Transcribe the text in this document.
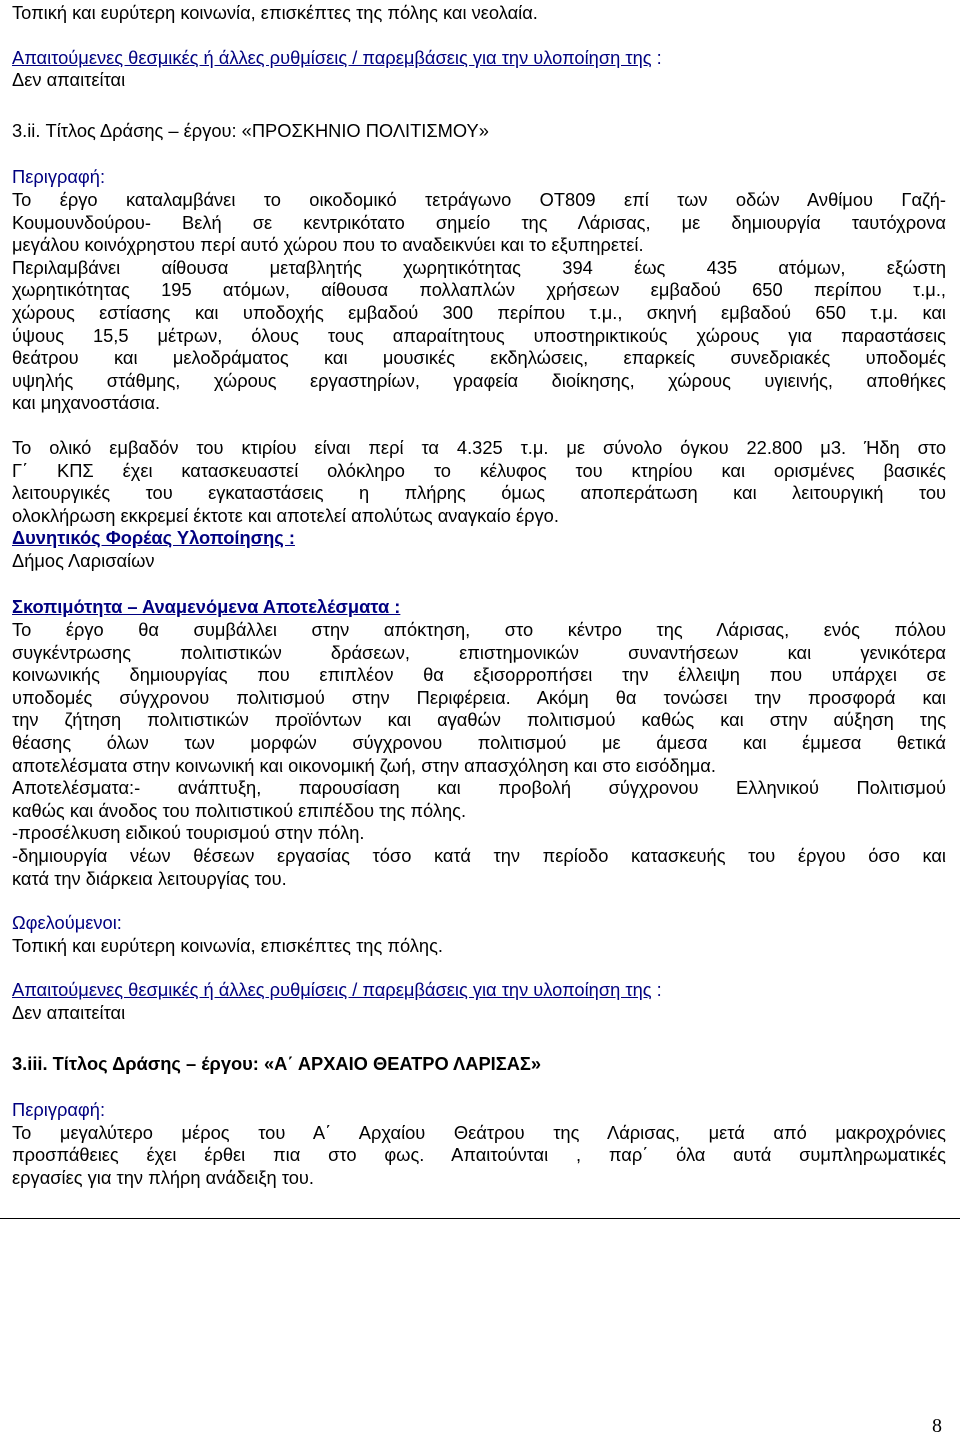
Τοπική και ευρύτερη κοινωνία, επισκέπτες της πόλης και νεολαία.

Απαιτούμενες θεσμικές ή άλλες ρυθμίσεις / παρεμβάσεις για την υλοποίηση της :

Δεν απαιτείται

3.ii. Τίτλος Δράσης – έργου: «ΠΡΟΣΚΗΝΙΟ ΠΟΛΙΤΙΣΜΟΥ»

Περιγραφή:

Το έργο καταλαμβάνει το οικοδομικό τετράγωνο ΟΤ809 επί των οδών Ανθίμου Γαζή-

Κουμουνδούρου- Βελή σε κεντρικότατο σημείο της Λάρισας, με δημιουργία ταυτόχρονα

μεγάλου κοινόχρηστου περί αυτό χώρου που το αναδεικνύει και το εξυπηρετεί.

Περιλαμβάνει αίθουσα μεταβλητής χωρητικότητας 394 έως 435 ατόμων, εξώστη

χωρητικότητας 195 ατόμων, αίθουσα πολλαπλών χρήσεων εμβαδού 650 περίπου τ.μ.,

χώρους εστίασης και υποδοχής εμβαδού 300 περίπου τ.μ., σκηνή εμβαδού 650 τ.μ. και

ύψους 15,5 μέτρων, όλους τους απαραίτητους υποστηρικτικούς χώρους για παραστάσεις

θεάτρου και μελοδράματος και μουσικές εκδηλώσεις, επαρκείς συνεδριακές υποδομές

υψηλής στάθμης, χώρους εργαστηρίων, γραφεία διοίκησης, χώρους υγιεινής, αποθήκες

και μηχανοστάσια.

Το ολικό εμβαδόν του κτιρίου είναι περί τα 4.325 τ.μ. με σύνολο όγκου 22.800 μ3. Ήδη στο

Γ΄ ΚΠΣ έχει κατασκευαστεί ολόκληρο το κέλυφος του κτηρίου και ορισμένες βασικές

λειτουργικές του εγκαταστάσεις η πλήρης όμως αποπεράτωση και λειτουργική του

ολοκλήρωση εκκρεμεί έκτοτε και αποτελεί απολύτως αναγκαίο έργο.

Δυνητικός Φορέας Υλοποίησης :

Δήμος Λαρισαίων

Σκοπιμότητα – Αναμενόμενα Αποτελέσματα :

Το έργο θα συμβάλλει στην απόκτηση, στο κέντρο της Λάρισας, ενός πόλου

συγκέντρωσης πολιτιστικών δράσεων, επιστημονικών συναντήσεων και γενικότερα

κοινωνικής δημιουργίας που επιπλέον θα εξισορροπήσει την έλλειψη που υπάρχει σε

υποδομές σύγχρονου πολιτισμού στην Περιφέρεια. Ακόμη θα τονώσει την προσφορά και

την ζήτηση πολιτιστικών προϊόντων και αγαθών πολιτισμού καθώς και στην αύξηση της

θέασης όλων των μορφών σύγχρονου πολιτισμού με άμεσα και έμμεσα θετικά

αποτελέσματα στην κοινωνική και οικονομική ζωή, στην απασχόληση και στο εισόδημα.

Αποτελέσματα:- ανάπτυξη, παρουσίαση και προβολή σύγχρονου Ελληνικού Πολιτισμού

καθώς και άνοδος του πολιτιστικού επιπέδου της πόλης.

-προσέλκυση ειδικού τουρισμού στην πόλη.

-δημιουργία νέων θέσεων εργασίας τόσο κατά την περίοδο κατασκευής του έργου όσο και

κατά την διάρκεια λειτουργίας του.

Ωφελούμενοι:

Τοπική και ευρύτερη κοινωνία, επισκέπτες της πόλης.

Απαιτούμενες θεσμικές ή άλλες ρυθμίσεις / παρεμβάσεις για την υλοποίηση της :

Δεν απαιτείται

3.iii. Τίτλος Δράσης – έργου: «Α΄ ΑΡΧΑΙΟ ΘΕΑΤΡΟ ΛΑΡΙΣΑΣ»

Περιγραφή:

Το μεγαλύτερο μέρος του Α΄ Αρχαίου Θεάτρου της Λάρισας, μετά από μακροχρόνιες

προσπάθειες έχει έρθει πια στο φως. Απαιτούνται , παρ΄ όλα αυτά συμπληρωματικές

εργασίες για την πλήρη ανάδειξη του.

8
